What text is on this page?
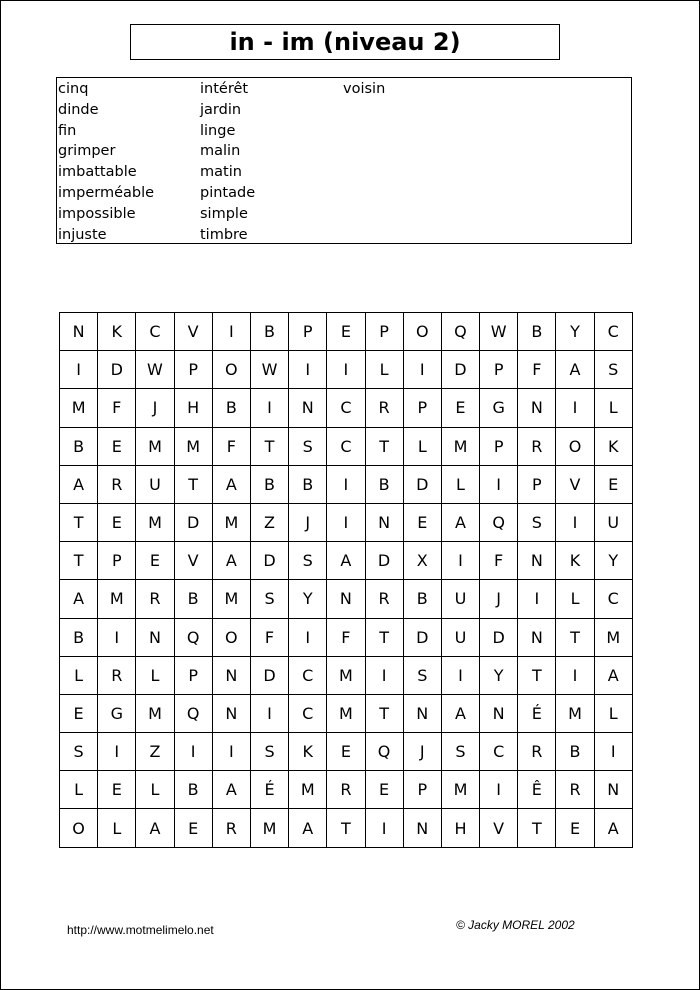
in - im (niveau 2)
cinq
dinde
fin
grimper
imbattable
imperméable
impossible
injuste
intérêt
jardin
linge
malin
matin
pintade
simple
timbre
voisin
N	K	C	V	I	B	P	E	P	O	Q	W	B	Y	C
I	D	W	P	O	W	I	I	L	I	D	P	F	A	S
M	F	J	H	B	I	N	C	R	P	E	G	N	I	L
B	E	M	M	F	T	S	C	T	L	M	P	R	O	K
A	R	U	T	A	B	B	I	B	D	L	I	P	V	E
T	E	M	D	M	Z	J	I	N	E	A	Q	S	I	U
T	P	E	V	A	D	S	A	D	X	I	F	N	K	Y
A	M	R	B	M	S	Y	N	R	B	U	J	I	L	C
B	I	N	Q	O	F	I	F	T	D	U	D	N	T	M
L	R	L	P	N	D	C	M	I	S	I	Y	T	I	A
E	G	M	Q	N	I	C	M	T	N	A	N	É	M	L
S	I	Z	I	I	S	K	E	Q	J	S	C	R	B	I
L	E	L	B	A	É	M	R	E	P	M	I	Ê	R	N
O	L	A	E	R	M	A	T	I	N	H	V	T	E	A
http://www.motmelimelo.net	© Jacky MOREL 2002
